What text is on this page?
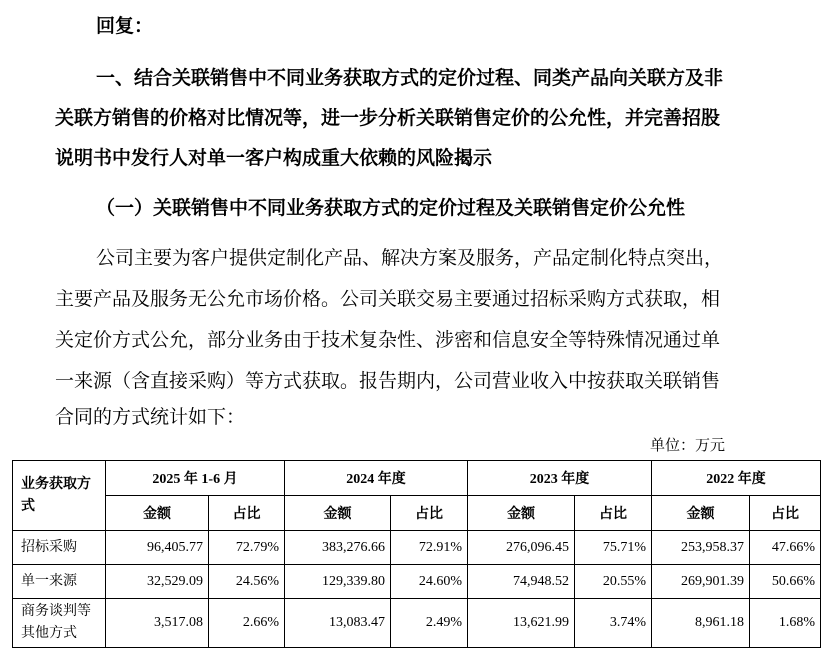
回复：
一、结合关联销售中不同业务获取方式的定价过程、同类产品向关联方及非
关联方销售的价格对比情况等，进一步分析关联销售定价的公允性，并完善招股
说明书中发行人对单一客户构成重大依赖的风险揭示
（一）关联销售中不同业务获取方式的定价过程及关联销售定价公允性
公司主要为客户提供定制化产品、解决方案及服务，产品定制化特点突出，
主要产品及服务无公允市场价格。公司关联交易主要通过招标采购方式获取，相
关定价方式公允，部分业务由于技术复杂性、涉密和信息安全等特殊情况通过单
一来源（含直接采购）等方式获取。报告期内，公司营业收入中按获取关联销售
合同的方式统计如下：
单位：万元
业务获取方式	2025 年 1-6 月		2024 年度		2023 年度		2022 年度	
	金额	占比	金额	占比	金额	占比	金额	占比
招标采购	96,405.77	72.79%	383,276.66	72.91%	276,096.45	75.71%	253,958.37	47.66%
单一来源	32,529.09	24.56%	129,339.80	24.60%	74,948.52	20.55%	269,901.39	50.66%
商务谈判等其他方式	3,517.08	2.66%	13,083.47	2.49%	13,621.99	3.74%	8,961.18	1.68%
